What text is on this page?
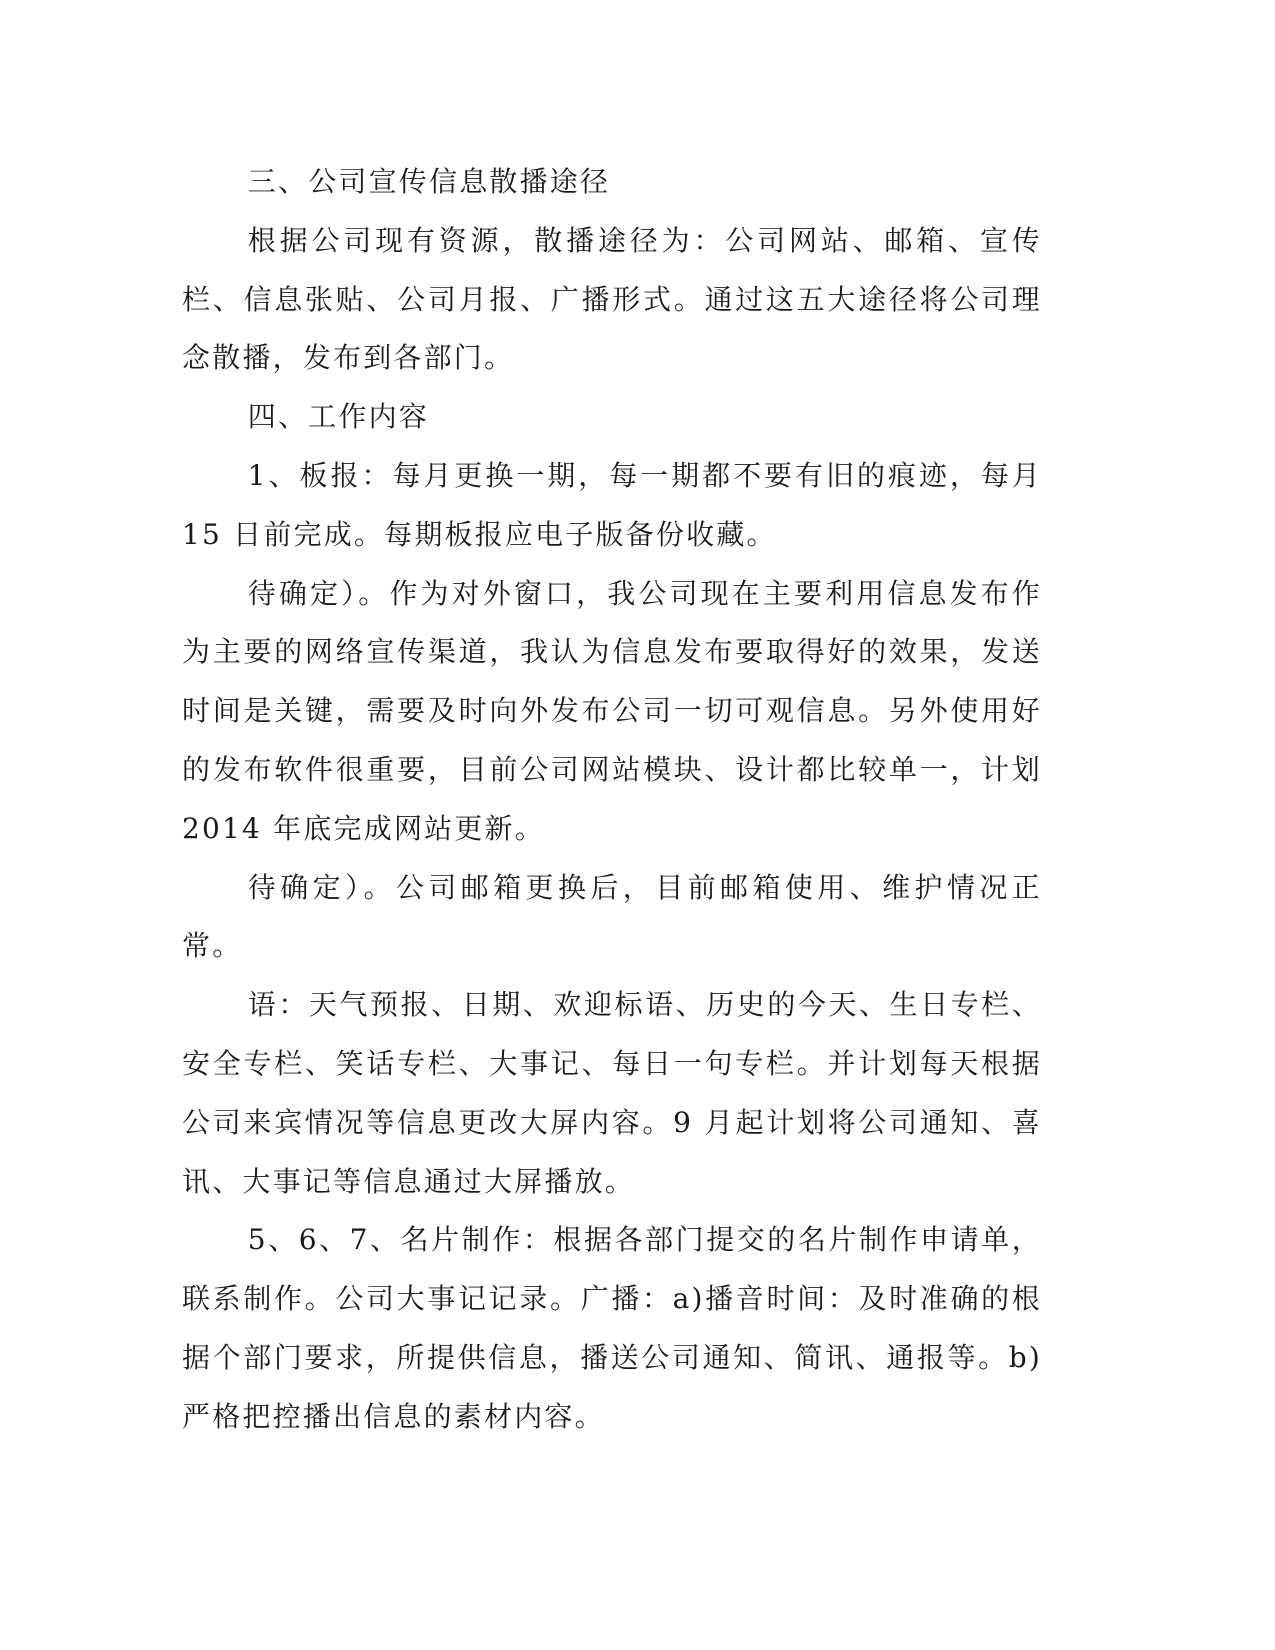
三、公司宣传信息散播途径

根据公司现有资源，散播途径为：公司网站、邮箱、宣传栏、信息张贴、公司月报、广播形式。通过这五大途径将公司理念散播，发布到各部门。

四、工作内容

1、板报：每月更换一期，每一期都不要有旧的痕迹，每月 15 日前完成。每期板报应电子版备份收藏。

待确定）。作为对外窗口，我公司现在主要利用信息发布作为主要的网络宣传渠道，我认为信息发布要取得好的效果，发送时间是关键，需要及时向外发布公司一切可观信息。另外使用好的发布软件很重要，目前公司网站模块、设计都比较单一，计划 2014 年底完成网站更新。

待确定）。公司邮箱更换后，目前邮箱使用、维护情况正常。

语：天气预报、日期、欢迎标语、历史的今天、生日专栏、安全专栏、笑话专栏、大事记、每日一句专栏。并计划每天根据公司来宾情况等信息更改大屏内容。9 月起计划将公司通知、喜讯、大事记等信息通过大屏播放。

5、6、7、名片制作：根据各部门提交的名片制作申请单，联系制作。公司大事记记录。广播：a)播音时间：及时准确的根据个部门要求，所提供信息，播送公司通知、简讯、通报等。b)严格把控播出信息的素材内容。
